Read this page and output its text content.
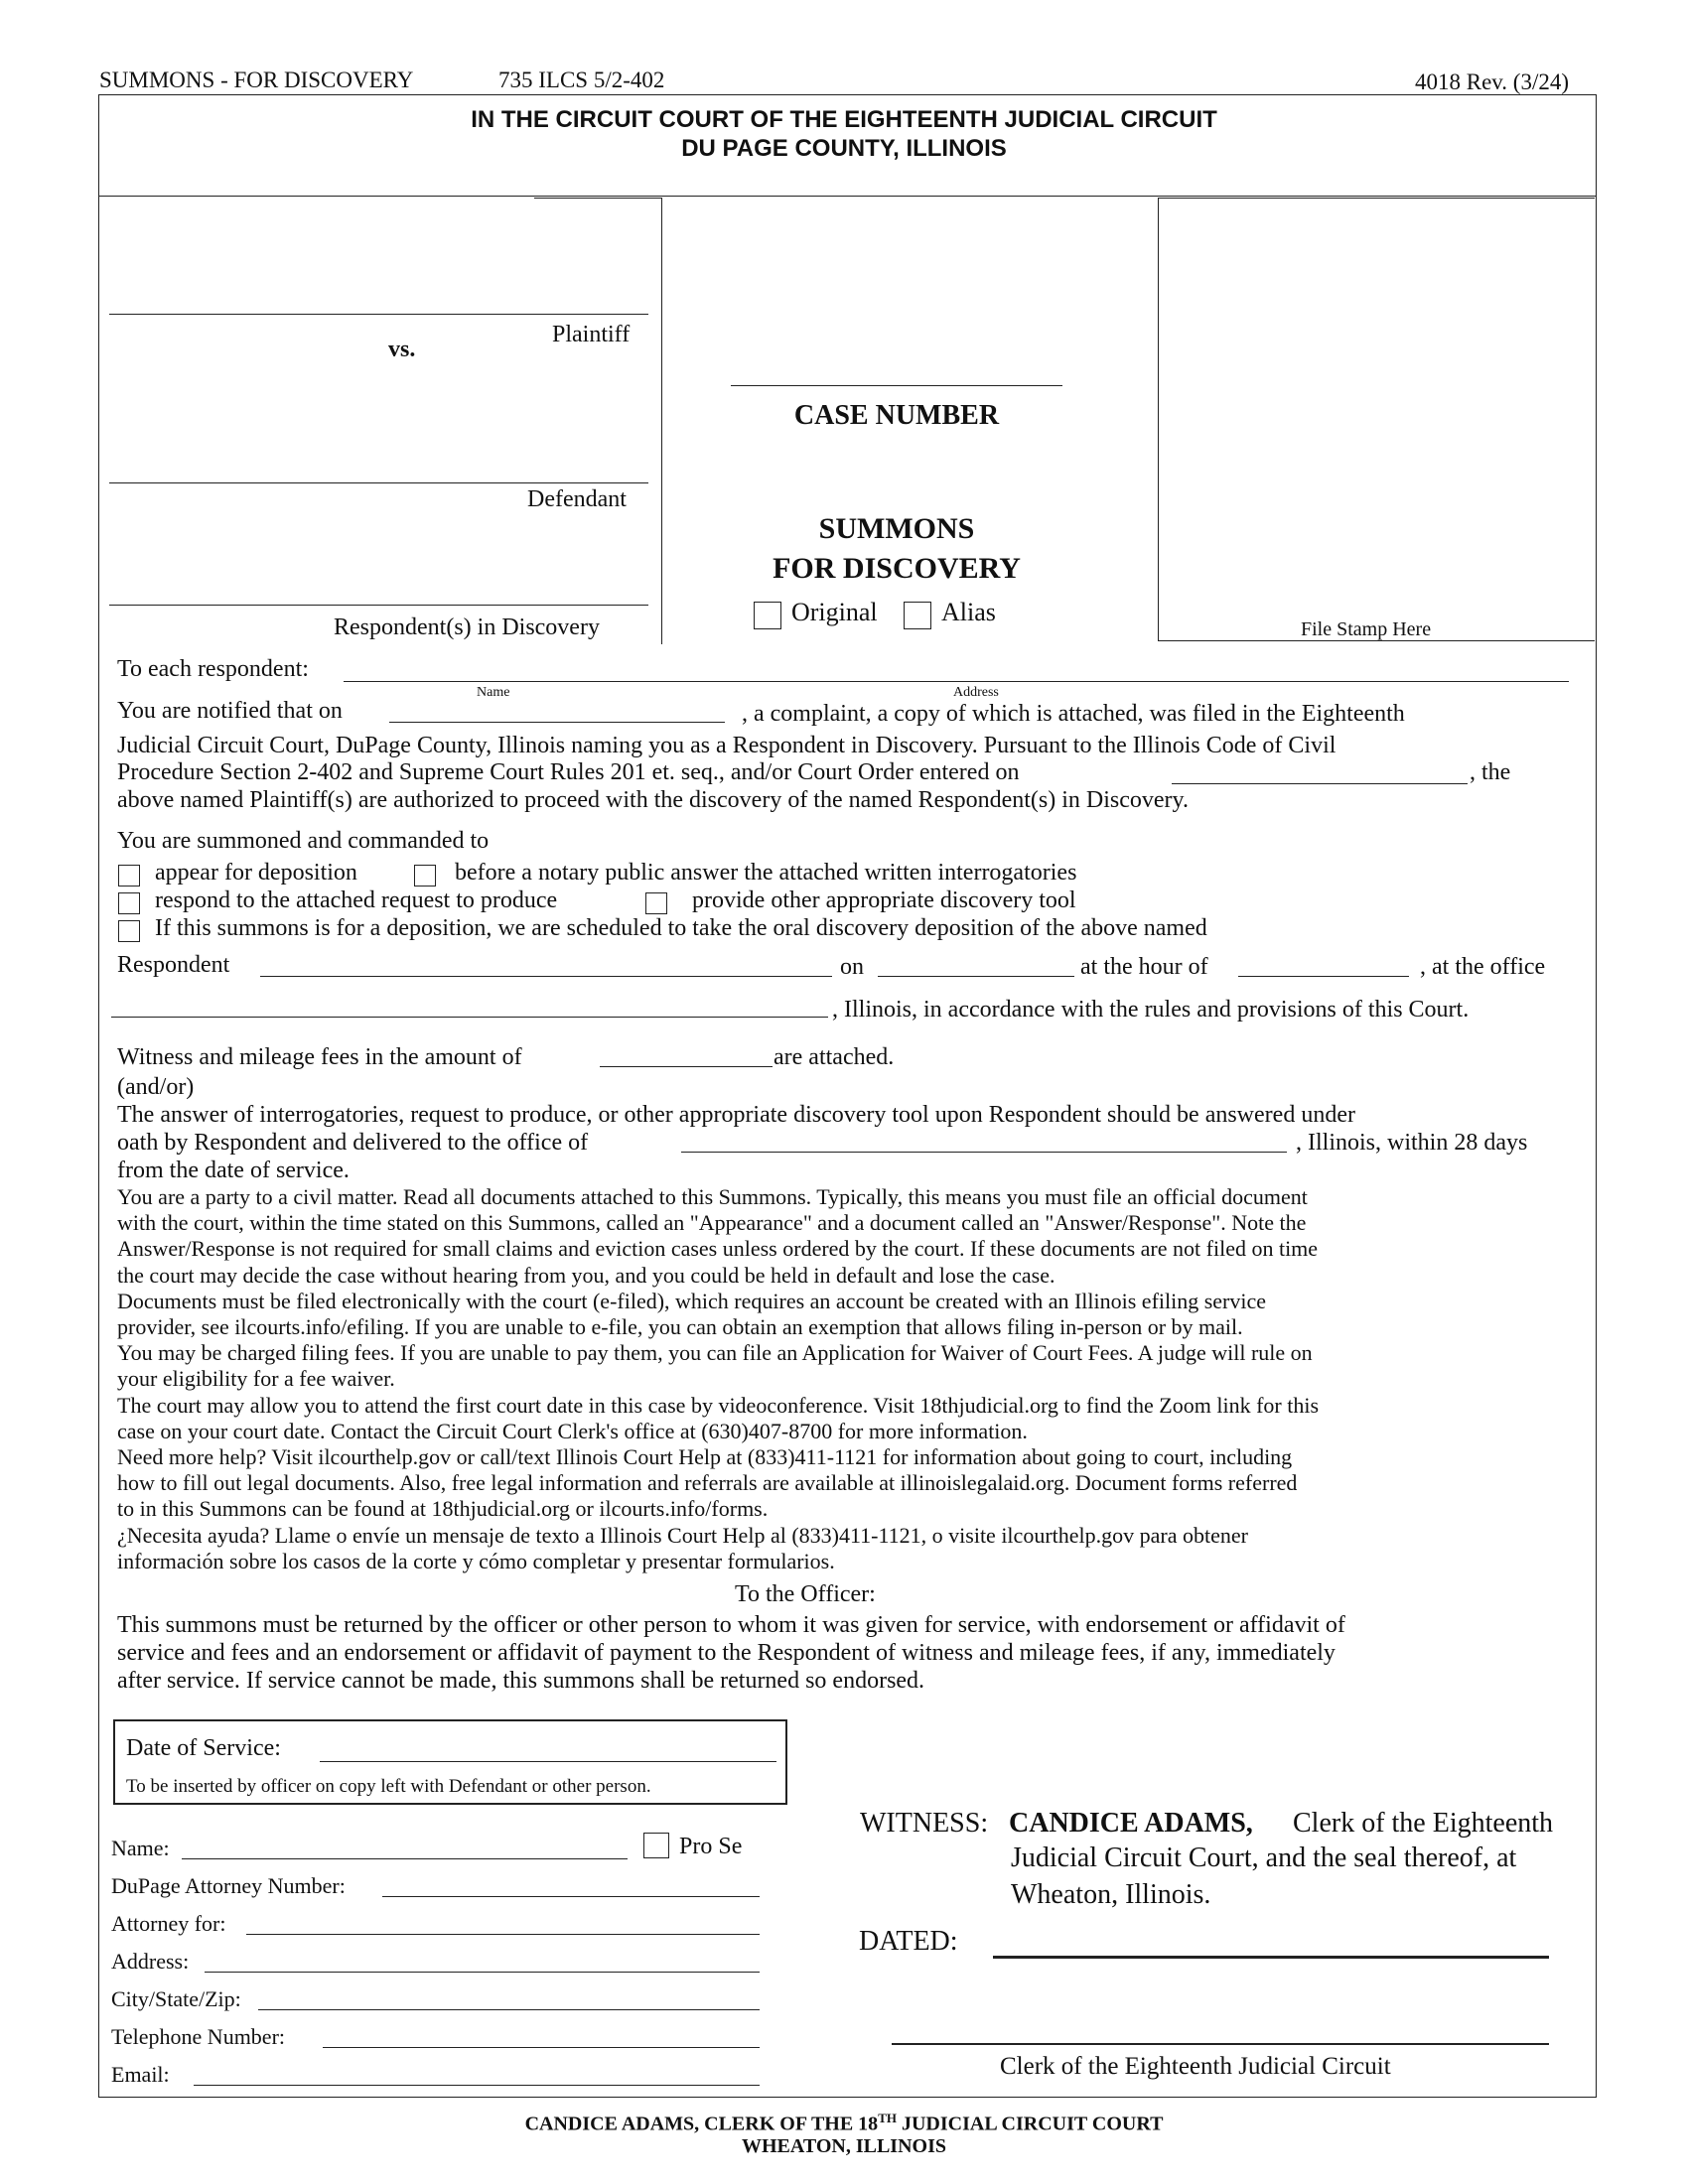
SUMMONS - FOR DISCOVERY	735 ILCS 5/2-402	4018 Rev. (3/24)
IN THE CIRCUIT COURT OF THE EIGHTEENTH JUDICIAL CIRCUIT
DU PAGE COUNTY, ILLINOIS
Plaintiff
vs.
Defendant
Respondent(s) in Discovery
CASE NUMBER
SUMMONS
FOR DISCOVERY
Original Alias
File Stamp Here
To each respondent:
Name	Address
You are notified that on	, a complaint, a copy of which is attached, was filed in the Eighteenth
Judicial Circuit Court, DuPage County, Illinois naming you as a Respondent in Discovery. Pursuant to the Illinois Code of Civil
Procedure Section 2-402 and Supreme Court Rules 201 et. seq., and/or Court Order entered on	, the
above named Plaintiff(s) are authorized to proceed with the discovery of the named Respondent(s) in Discovery.
You are summoned and commanded to
appear for deposition	before a notary public answer the attached written interrogatories
respond to the attached request to produce	provide other appropriate discovery tool
If this summons is for a deposition, we are scheduled to take the oral discovery deposition of the above named
Respondent	on	at the hour of	, at the office
, Illinois, in accordance with the rules and provisions of this Court.
Witness and mileage fees in the amount of	are attached.
(and/or)
The answer of interrogatories, request to produce, or other appropriate discovery tool upon Respondent should be answered under
oath by Respondent and delivered to the office of	, Illinois, within 28 days
from the date of service.
You are a party to a civil matter. Read all documents attached to this Summons. Typically, this means you must file an official document
with the court, within the time stated on this Summons, called an "Appearance" and a document called an "Answer/Response". Note the
Answer/Response is not required for small claims and eviction cases unless ordered by the court. If these documents are not filed on time
the court may decide the case without hearing from you, and you could be held in default and lose the case.
Documents must be filed electronically with the court (e-filed), which requires an account be created with an Illinois efiling service
provider, see ilcourts.info/efiling. If you are unable to e-file, you can obtain an exemption that allows filing in-person or by mail.
You may be charged filing fees. If you are unable to pay them, you can file an Application for Waiver of Court Fees. A judge will rule on
your eligibility for a fee waiver.
The court may allow you to attend the first court date in this case by videoconference. Visit 18thjudicial.org to find the Zoom link for this
case on your court date. Contact the Circuit Court Clerk's office at (630)407-8700 for more information.
Need more help? Visit ilcourthelp.gov or call/text Illinois Court Help at (833)411-1121 for information about going to court, including
how to fill out legal documents. Also, free legal information and referrals are available at illinoislegalaid.org. Document forms referred
to in this Summons can be found at 18thjudicial.org or ilcourts.info/forms.
¿Necesita ayuda? Llame o envíe un mensaje de texto a Illinois Court Help al (833)411-1121, o visite ilcourthelp.gov para obtener
información sobre los casos de la corte y cómo completar y presentar formularios.
To the Officer:
This summons must be returned by the officer or other person to whom it was given for service, with endorsement or affidavit of
service and fees and an endorsement or affidavit of payment to the Respondent of witness and mileage fees, if any, immediately
after service. If service cannot be made, this summons shall be returned so endorsed.
Date of Service:
To be inserted by officer on copy left with Defendant or other person.
Name:	Pro Se
DuPage Attorney Number:
Attorney for:
Address:
City/State/Zip:
Telephone Number:
Email:
WITNESS: CANDICE ADAMS, Clerk of the Eighteenth
Judicial Circuit Court, and the seal thereof, at
Wheaton, Illinois.
DATED:
Clerk of the Eighteenth Judicial Circuit
CANDICE ADAMS, CLERK OF THE 18TH JUDICIAL CIRCUIT COURT
WHEATON, ILLINOIS
